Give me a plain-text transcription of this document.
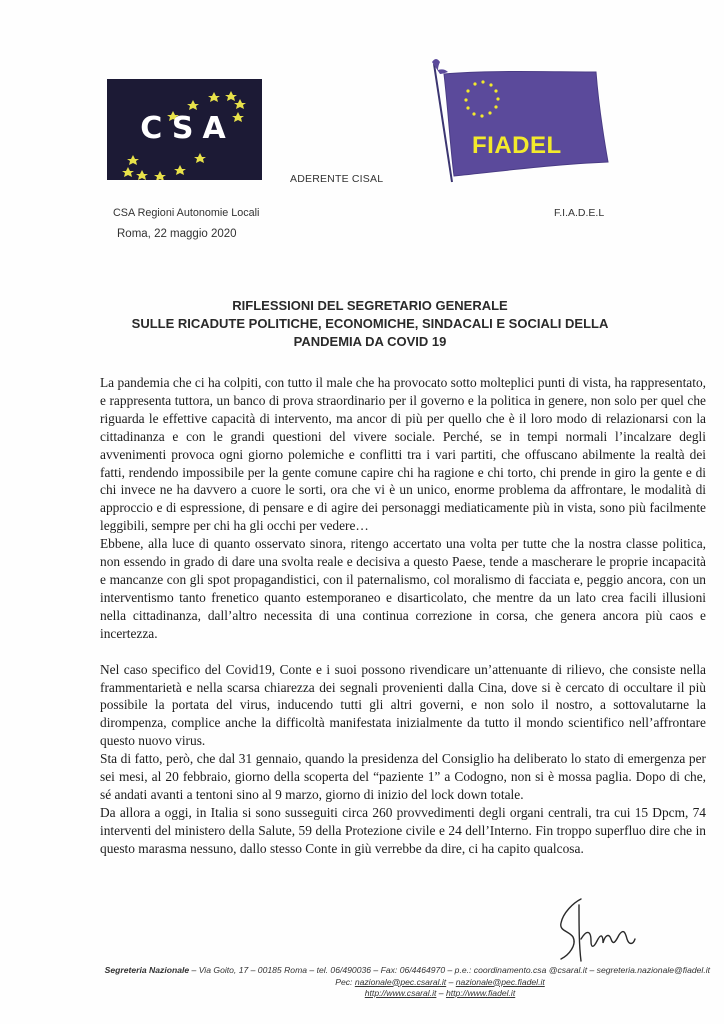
CSA
ADERENTE CISAL
FIADEL
CSA Regioni Autonomie Locali
Roma, 22 maggio 2020
F.I.A.D.E.L
RIFLESSIONI DEL SEGRETARIO GENERALE
SULLE RICADUTE POLITICHE, ECONOMICHE, SINDACALI E SOCIALI DELLA
PANDEMIA DA COVID 19

La pandemia che ci ha colpiti, con tutto il male che ha provocato sotto molteplici punti di vista, ha rappresentato, e rappresenta tuttora, un banco di prova straordinario per il governo e la politica in genere, non solo per quel che riguarda le effettive capacità di intervento, ma ancor di più per quello che è il loro modo di relazionarsi con la cittadinanza e con le grandi questioni del vivere sociale. Perché, se in tempi normali l’incalzare degli avvenimenti provoca ogni giorno polemiche e conflitti tra i vari partiti, che offuscano abilmente la realtà dei fatti, rendendo impossibile per la gente comune capire chi ha ragione e chi torto, chi prende in giro la gente e di chi invece ne ha davvero a cuore le sorti, ora che vi è un unico, enorme problema da affrontare, le modalità di approccio e di espressione, di pensare e di agire dei personaggi mediaticamente più in vista, sono più facilmente leggibili, sempre per chi ha gli occhi per vedere…

Ebbene, alla luce di quanto osservato sinora, ritengo accertato una volta per tutte che la nostra classe politica, non essendo in grado di dare una svolta reale e decisiva a questo Paese, tende a mascherare le proprie incapacità e mancanze con gli spot propagandistici, con il paternalismo, col moralismo di facciata e, peggio ancora, con un interventismo tanto frenetico quanto estemporaneo e disarticolato, che mentre da un lato crea facili illusioni nella cittadinanza, dall’altro necessita di una continua correzione in corsa, che genera ancora più caos e incertezza.

Nel caso specifico del Covid19, Conte e i suoi possono rivendicare un’attenuante di rilievo, che consiste nella frammentarietà e nella scarsa chiarezza dei segnali provenienti dalla Cina, dove si è cercato di occultare il più possibile la portata del virus, inducendo tutti gli altri governi, e non solo il nostro, a sottovalutarne la dirompenza, complice anche la difficoltà manifestata inizialmente da tutto il mondo scientifico nell’affrontare questo nuovo virus.

Sta di fatto, però, che dal 31 gennaio, quando la presidenza del Consiglio ha deliberato lo stato di emergenza per sei mesi, al 20 febbraio, giorno della scoperta del “paziente 1” a Codogno, non si è mossa paglia. Dopo di che, sé andati avanti a tentoni sino al 9 marzo, giorno di inizio del lock down totale.

Da allora a oggi, in Italia si sono susseguiti circa 260 provvedimenti degli organi centrali, tra cui 15 Dpcm, 74 interventi del ministero della Salute, 59 della Protezione civile e 24 dell’Interno. Fin troppo superfluo dire che in questo marasma nessuno, dallo stesso Conte in giù verrebbe da dire, ci ha capito qualcosa.

Segreteria Nazionale – Via Goito, 17 – 00185 Roma – tel. 06/490036 – Fax: 06/4464970 – p.e.: coordinamento.csa @csaral.it – segreteria.nazionale@fiadel.it
Pec: nazionale@pec.csaral.it – nazionale@pec.fiadel.it
http://www.csaral.it – http://www.fiadel.it
